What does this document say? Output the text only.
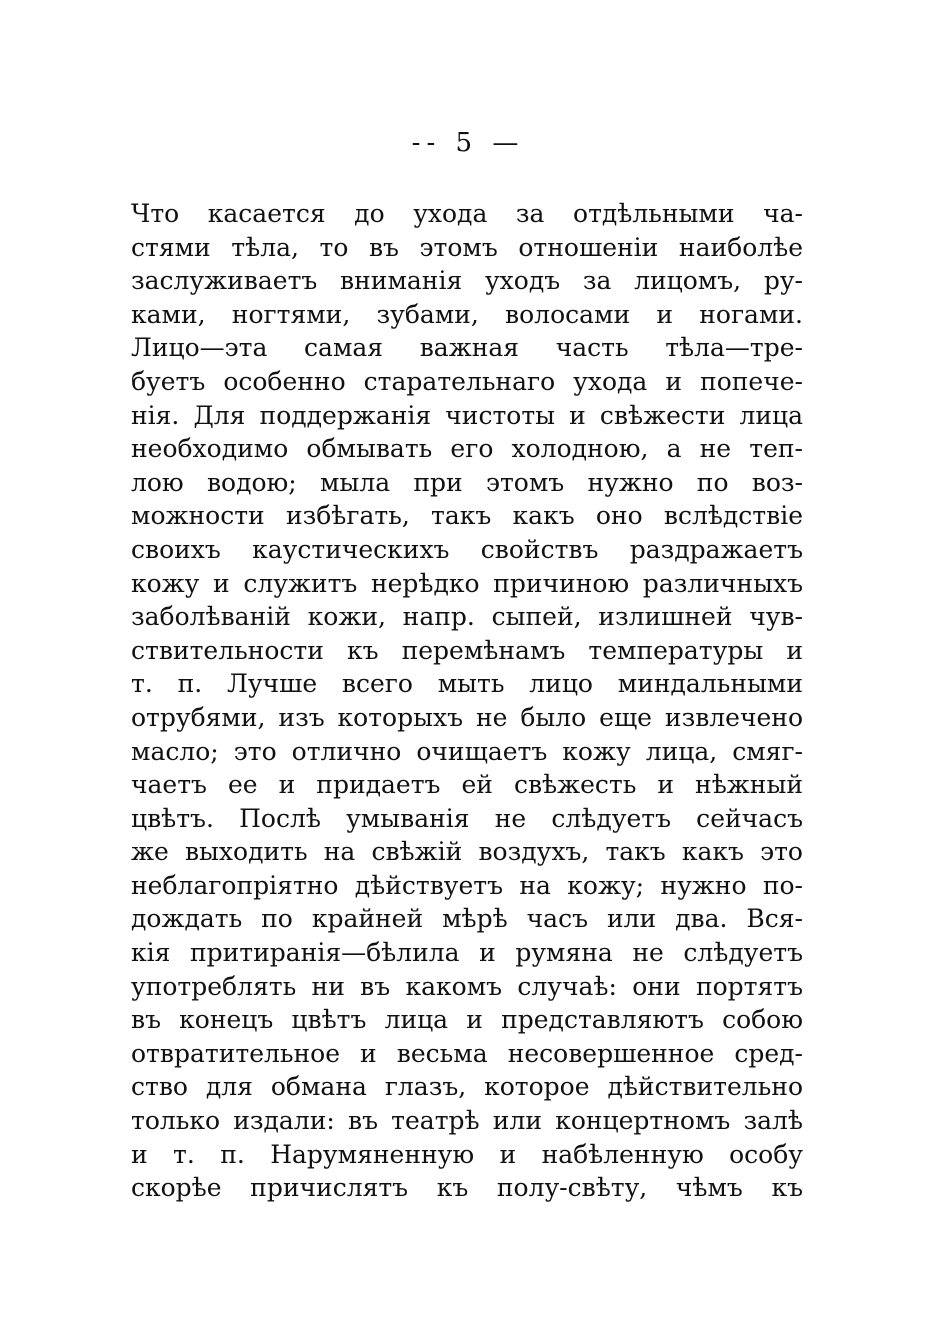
-- 5 —
Что касается до ухода за отдѣльными ча-
стями тѣла, то въ этомъ отношенiи наиболѣе
заслуживаетъ вниманiя уходъ за лицомъ, ру-
ками, ногтями, зубами, волосами и ногами.
Лицо—эта самая важная часть тѣла—тре-
буетъ особенно старательнаго ухода и попече-
нiя. Для поддержанiя чистоты и свѣжести лица
необходимо обмывать его холодною, а не теп-
лою водою; мыла при этомъ нужно по воз-
можности избѣгать, такъ какъ оно вслѣдствiе
своихъ каустическихъ свойствъ раздражаетъ
кожу и служитъ нерѣдко причиною различныхъ
заболѣванiй кожи, напр. сыпей, излишней чув-
ствительности къ перемѣнамъ температуры и
т. п. Лучше всего мыть лицо миндальными
отрубями, изъ которыхъ не было еще извлечено
масло; это отлично очищаетъ кожу лица, смяг-
чаетъ ее и придаетъ ей свѣжесть и нѣжный
цвѣтъ. Послѣ умыванiя не слѣдуетъ сейчасъ
же выходить на свѣжiй воздухъ, такъ какъ это
неблагопрiятно дѣйствуетъ на кожу; нужно по-
дождать по крайней мѣрѣ часъ или два. Вся-
кiя притиранiя—бѣлила и румяна не слѣдуетъ
употреблять ни въ какомъ случаѣ: они портятъ
въ конецъ цвѣтъ лица и представляютъ собою
отвратительное и весьма несовершенное сред-
ство для обмана глазъ, которое дѣйствительно
только издали: въ театрѣ или концертномъ залѣ
и т. п. Нарумяненную и набѣленную особу
скорѣе причислятъ къ полу-свѣту, чѣмъ къ
